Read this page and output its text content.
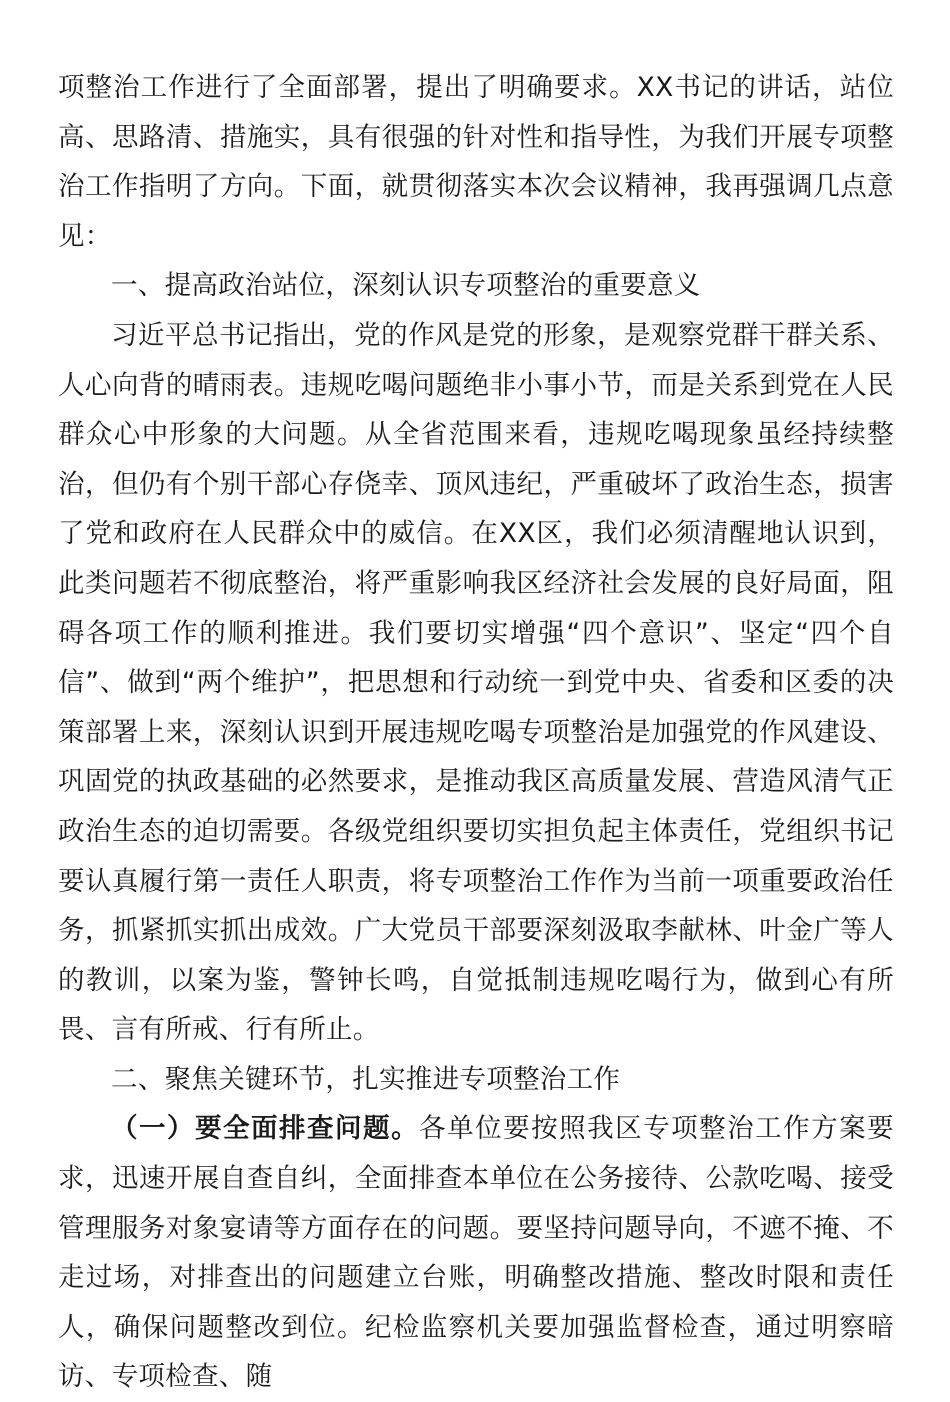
项整治工作进行了全面部署，提出了明确要求。XX书记的讲话，站位高、思路清、措施实，具有很强的针对性和指导性，为我们开展专项整治工作指明了方向。下面，就贯彻落实本次会议精神，我再强调几点意见：

一、提高政治站位，深刻认识专项整治的重要意义

习近平总书记指出，党的作风是党的形象，是观察党群干群关系、人心向背的晴雨表。违规吃喝问题绝非小事小节，而是关系到党在人民群众心中形象的大问题。从全省范围来看，违规吃喝现象虽经持续整治，但仍有个别干部心存侥幸、顶风违纪，严重破坏了政治生态，损害了党和政府在人民群众中的威信。在XX区，我们必须清醒地认识到，此类问题若不彻底整治，将严重影响我区经济社会发展的良好局面，阻碍各项工作的顺利推进。我们要切实增强“四个意识”、坚定“四个自信”、做到“两个维护”，把思想和行动统一到党中央、省委和区委的决策部署上来，深刻认识到开展违规吃喝专项整治是加强党的作风建设、巩固党的执政基础的必然要求，是推动我区高质量发展、营造风清气正政治生态的迫切需要。各级党组织要切实担负起主体责任，党组织书记要认真履行第一责任人职责，将专项整治工作作为当前一项重要政治任务，抓紧抓实抓出成效。广大党员干部要深刻汲取李献林、叶金广等人的教训，以案为鉴，警钟长鸣，自觉抵制违规吃喝行为，做到心有所畏、言有所戒、行有所止。

二、聚焦关键环节，扎实推进专项整治工作

（一）要全面排查问题。各单位要按照我区专项整治工作方案要求，迅速开展自查自纠，全面排查本单位在公务接待、公款吃喝、接受管理服务对象宴请等方面存在的问题。要坚持问题导向，不遮不掩、不走过场，对排查出的问题建立台账，明确整改措施、整改时限和责任人，确保问题整改到位。纪检监察机关要加强监督检查，通过明察暗访、专项检查、随
